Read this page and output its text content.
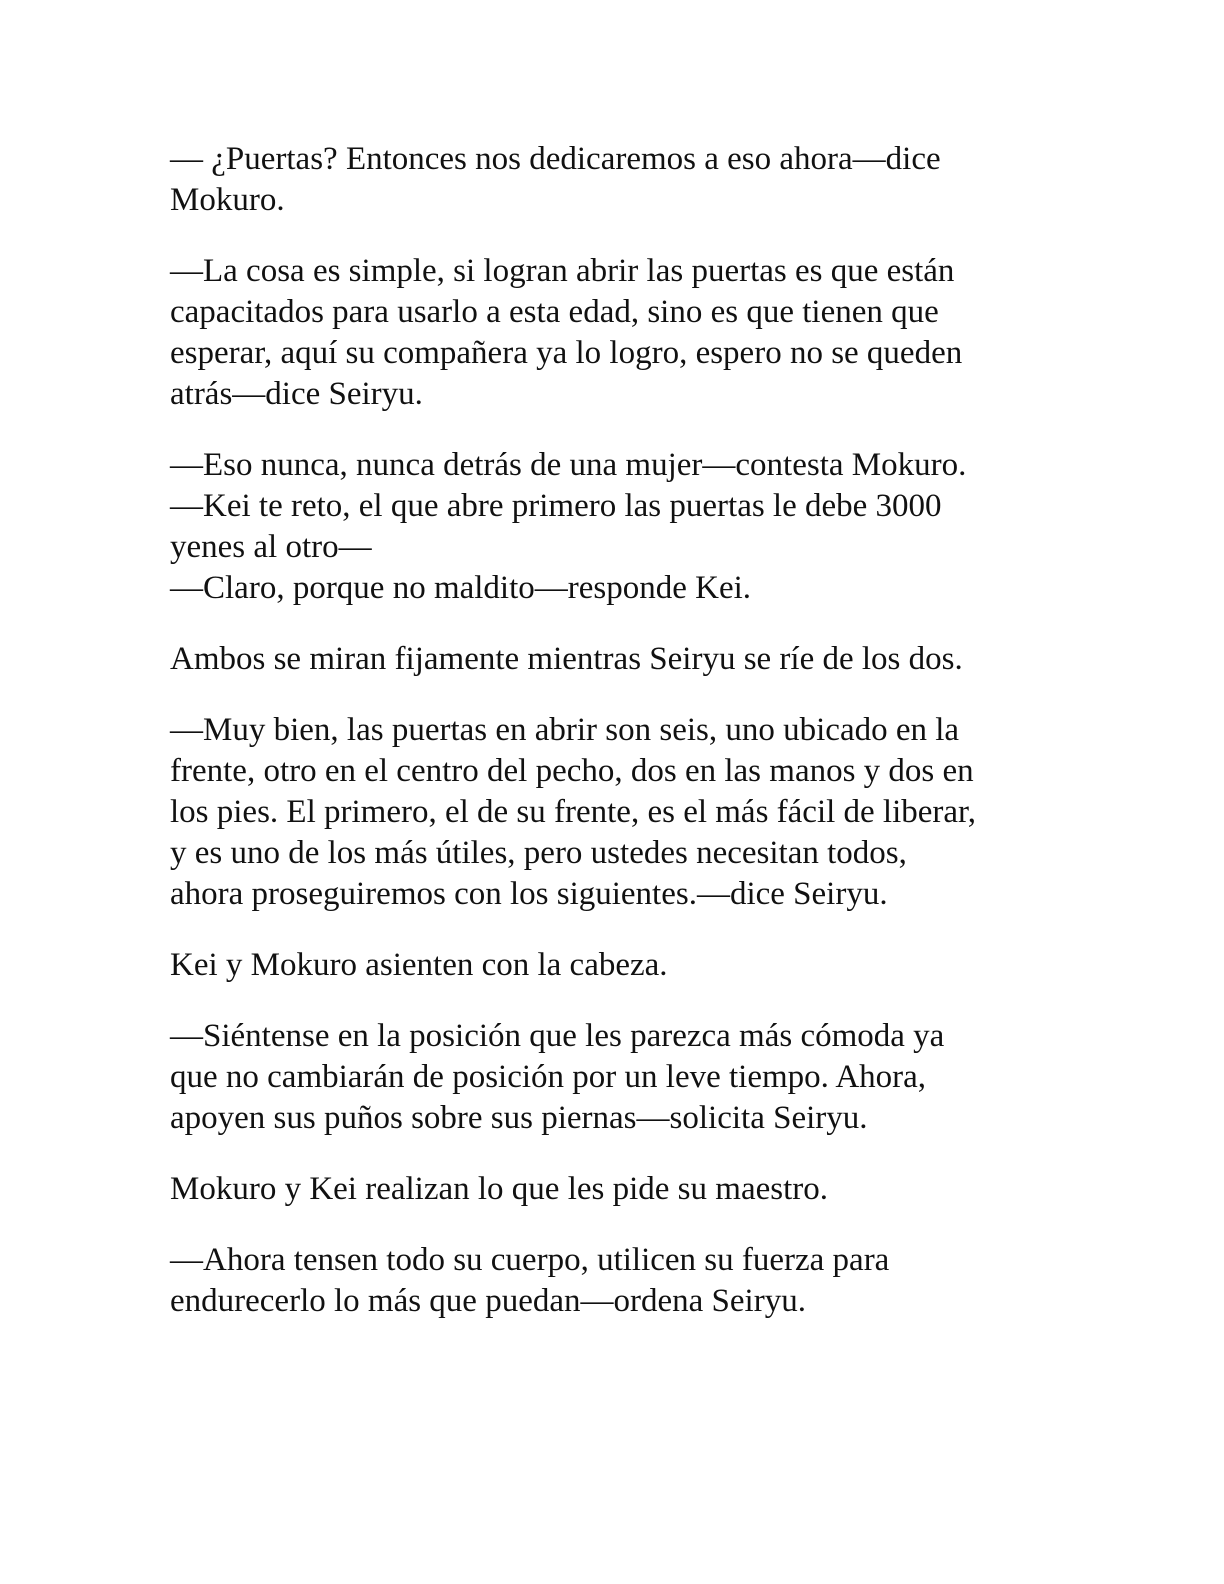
— ¿Puertas? Entonces nos dedicaremos a eso ahora—dice
Mokuro.

—La cosa es simple, si logran abrir las puertas es que están
capacitados para usarlo a esta edad, sino es que tienen que
esperar, aquí su compañera ya lo logro, espero no se queden
atrás—dice Seiryu.

—Eso nunca, nunca detrás de una mujer—contesta Mokuro.
—Kei te reto, el que abre primero las puertas le debe 3000
yenes al otro—
—Claro, porque no maldito—responde Kei.

Ambos se miran fijamente mientras Seiryu se ríe de los dos.

—Muy bien, las puertas en abrir son seis, uno ubicado en la
frente, otro en el centro del pecho, dos en las manos y dos en
los pies. El primero, el de su frente, es el más fácil de liberar,
y es uno de los más útiles, pero ustedes necesitan todos,
ahora proseguiremos con los siguientes.—dice Seiryu.

Kei y Mokuro asienten con la cabeza.

—Siéntense en la posición que les parezca más cómoda ya
que no cambiarán de posición por un leve tiempo. Ahora,
apoyen sus puños sobre sus piernas—solicita Seiryu.

Mokuro y Kei realizan lo que les pide su maestro.

—Ahora tensen todo su cuerpo, utilicen su fuerza para
endurecerlo lo más que puedan—ordena Seiryu.
